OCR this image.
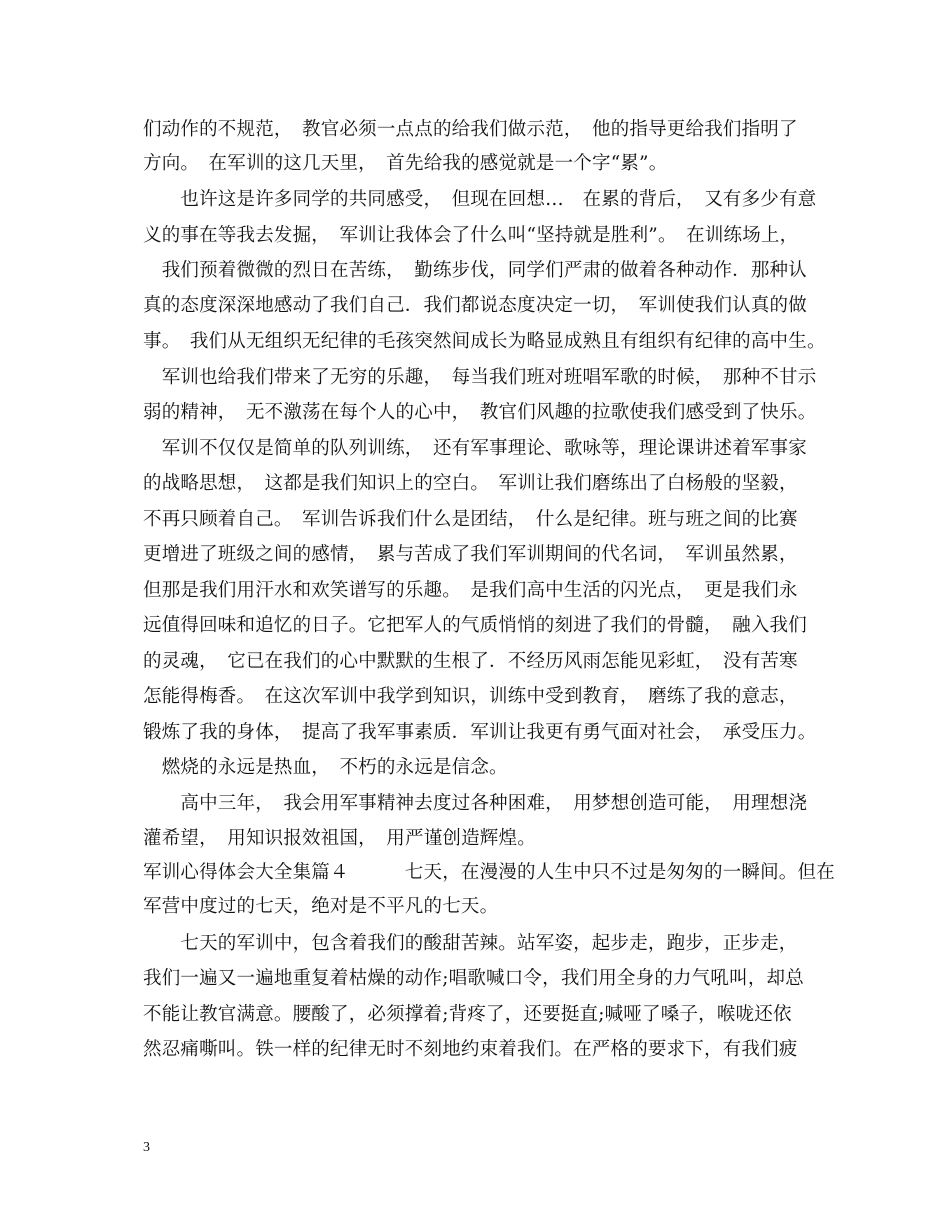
们动作的不规范，　教官必须一点点的给我们做示范，　他的指导更给我们指明了
方向。　在军训的这几天里，　首先给我的感觉就是一个字“累”。
　　也许这是许多同学的共同感受，　但现在回想…　在累的背后，　又有多少有意
义的事在等我去发掘，　军训让我体会了什么叫“坚持就是胜利”。　在训练场上，
　我们预着微微的烈日在苦练，　勤练步伐，同学们严肃的做着各种动作．那种认
真的态度深深地感动了我们自己．我们都说态度决定一切，　军训使我们认真的做
事。　我们从无组织无纪律的毛孩突然间成长为略显成熟且有组织有纪律的高中生。
　军训也给我们带来了无穷的乐趣，　每当我们班对班唱军歌的时候，　那种不甘示
弱的精神，　无不激荡在每个人的心中，　教官们风趣的拉歌使我们感受到了快乐。
　军训不仅仅是简单的队列训练，　还有军事理论、歌咏等，理论课讲述着军事家
的战略思想，　这都是我们知识上的空白。　军训让我们磨练出了白杨般的坚毅，
不再只顾着自己。　军训告诉我们什么是团结，　什么是纪律。班与班之间的比赛
更增进了班级之间的感情，　累与苦成了我们军训期间的代名词，　军训虽然累，
但那是我们用汗水和欢笑谱写的乐趣。　是我们高中生活的闪光点，　更是我们永
远值得回味和追忆的日子。它把军人的气质悄悄的刻进了我们的骨髓，　融入我们
的灵魂，　它已在我们的心中默默的生根了．不经历风雨怎能见彩虹，　没有苦寒
怎能得梅香。　在这次军训中我学到知识，训练中受到教育，　磨练了我的意志，
锻炼了我的身体，　提高了我军事素质．军训让我更有勇气面对社会，　承受压力。
　燃烧的永远是热血，　不朽的永远是信念。
　　高中三年，　我会用军事精神去度过各种困难，　用梦想创造可能，　用理想浇
灌希望，　用知识报效祖国，　用严谨创造辉煌。
军训心得体会大全集篇４　　　七天，在漫漫的人生中只不过是匆匆的一瞬间。但在
军营中度过的七天，绝对是不平凡的七天。
　　七天的军训中，包含着我们的酸甜苦辣。站军姿，起步走，跑步，正步走，
我们一遍又一遍地重复着枯燥的动作;唱歌喊口令，我们用全身的力气吼叫，却总
不能让教官满意。腰酸了，必须撑着;背疼了，还要挺直;喊哑了嗓子，喉咙还依
然忍痛嘶叫。铁一样的纪律无时不刻地约束着我们。在严格的要求下，有我们疲
3
